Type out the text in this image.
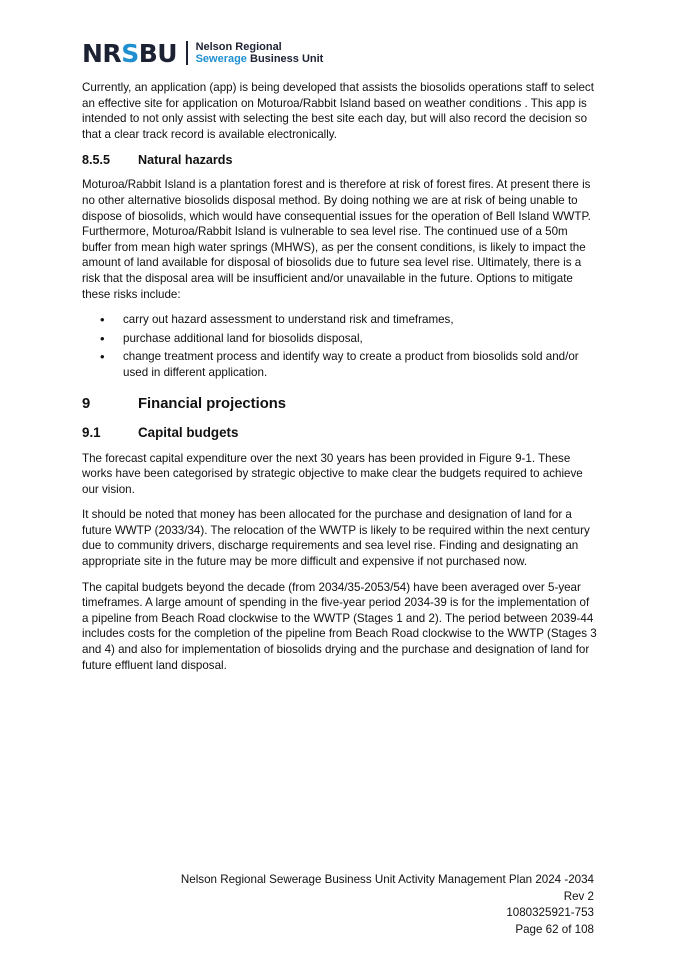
NRSBU Nelson Regional
Sewerage Business Unit

Currently, an application (app) is being developed that assists the biosolids operations staff to select an effective site for application on Moturoa/Rabbit Island based on weather conditions . This app is intended to not only assist with selecting the best site each day, but will also record the decision so that a clear track record is available electronically.

8.5.5	Natural hazards

Moturoa/Rabbit Island is a plantation forest and is therefore at risk of forest fires. At present there is no other alternative biosolids disposal method. By doing nothing we are at risk of being unable to dispose of biosolids, which would have consequential issues for the operation of Bell Island WWTP. Furthermore, Moturoa/Rabbit Island is vulnerable to sea level rise. The continued use of a 50m buffer from mean high water springs (MHWS), as per the consent conditions, is likely to impact the amount of land available for disposal of biosolids due to future sea level rise. Ultimately, there is a risk that the disposal area will be insufficient and/or unavailable in the future. Options to mitigate these risks include:

• carry out hazard assessment to understand risk and timeframes,
• purchase additional land for biosolids disposal,
• change treatment process and identify way to create a product from biosolids sold and/or used in different application.
9	Financial projections
9.1	Capital budgets

The forecast capital expenditure over the next 30 years has been provided in Figure 9-1. These works have been categorised by strategic objective to make clear the budgets required to achieve our vision.

It should be noted that money has been allocated for the purchase and designation of land for a future WWTP (2033/34). The relocation of the WWTP is likely to be required within the next century due to community drivers, discharge requirements and sea level rise. Finding and designating an appropriate site in the future may be more difficult and expensive if not purchased now.

The capital budgets beyond the decade (from 2034/35-2053/54) have been averaged over 5-year timeframes. A large amount of spending in the five-year period 2034-39 is for the implementation of a pipeline from Beach Road clockwise to the WWTP (Stages 1 and 2). The period between 2039-44 includes costs for the completion of the pipeline from Beach Road clockwise to the WWTP (Stages 3 and 4) and also for implementation of biosolids drying and the purchase and designation of land for future effluent land disposal.

Nelson Regional Sewerage Business Unit Activity Management Plan 2024 -2034
Rev 2
1080325921-753
Page 62 of 108
